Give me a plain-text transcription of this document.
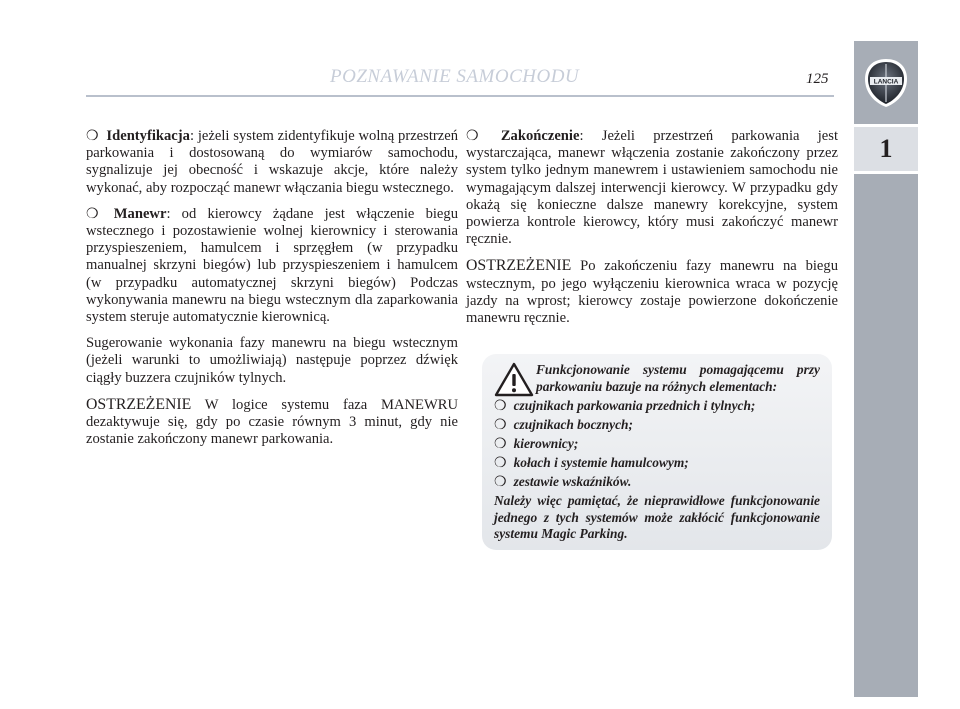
POZNAWANIE SAMOCHODU	125	LANCIA
1

❍ Identyfikacja: jeżeli system zidentyfikuje wolną przestrzeń parkowania i dostosowaną do wymiarów samochodu, sygnalizuje jej obecność i wskazuje akcje, które należy wykonać, aby rozpocząć manewr włączania biegu wstecznego.

❍ Manewr: od kierowcy żądane jest włączenie biegu wstecznego i pozostawienie wolnej kierownicy i sterowania przyspieszeniem, hamulcem i sprzęgłem (w przypadku manualnej skrzyni biegów) lub przyspieszeniem i hamulcem (w przypadku automatycznej skrzyni biegów) Podczas wykonywania manewru na biegu wstecznym dla zaparkowania system steruje automatycznie kierownicą.

Sugerowanie wykonania fazy manewru na biegu wstecznym (jeżeli warunki to umożliwiają) następuje poprzez dźwięk ciągły buzzera czujników tylnych.

OSTRZEŻENIE W logice systemu faza MANEWRU dezaktywuje się, gdy po czasie równym 3 minut, gdy nie zostanie zakończony manewr parkowania.

❍ Zakończenie: Jeżeli przestrzeń parkowania jest wystarczająca, manewr włączenia zostanie zakończony przez system tylko jednym manewrem i ustawieniem samochodu nie wymagającym dalszej interwencji kierowcy. W przypadku gdy okażą się konieczne dalsze manewry korekcyjne, system powierza kontrole kierowcy, który musi zakończyć manewr ręcznie.

OSTRZEŻENIE Po zakończeniu fazy manewru na biegu wstecznym, po jego wyłączeniu kierownica wraca w pozycję jazdy na wprost; kierowcy zostaje powierzone dokończenie manewru ręcznie.

Funkcjonowanie systemu pomagającemu przy parkowaniu bazuje na różnych elementach:
❍ czujnikach parkowania przednich i tylnych;
❍ czujnikach bocznych;
❍ kierownicy;
❍ kołach i systemie hamulcowym;
❍ zestawie wskaźników.
Należy więc pamiętać, że nieprawidłowe funkcjonowanie jednego z tych systemów może zakłócić funkcjonowanie systemu Magic Parking.
